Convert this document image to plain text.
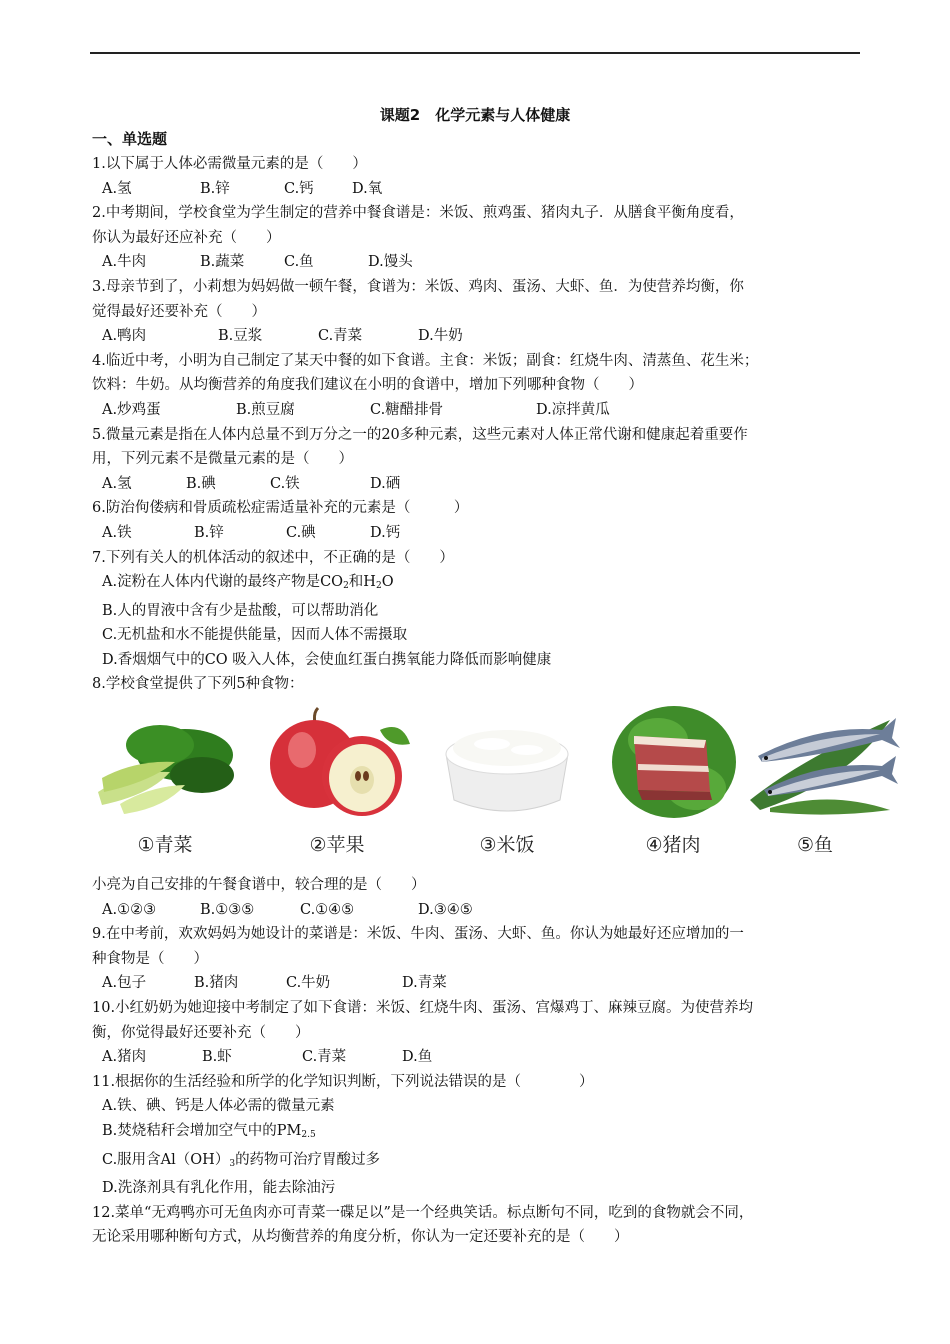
课题2　化学元素与人体健康
一、单选题
1.以下属于人体必需微量元素的是（　　）
A.氢	B.锌	C.钙	D.氧
2.中考期间，学校食堂为学生制定的营养中餐食谱是：米饭、煎鸡蛋、猪肉丸子．从膳食平衡角度看，
你认为最好还应补充（　　）
A.牛肉	B.蔬菜	C.鱼	D.馒头
3.母亲节到了，小莉想为妈妈做一顿午餐，食谱为：米饭、鸡肉、蛋汤、大虾、鱼．为使营养均衡，你
觉得最好还要补充（　　）
A.鸭肉	B.豆浆	C.青菜	D.牛奶
4.临近中考，小明为自己制定了某天中餐的如下食谱。主食：米饭；副食：红烧牛肉、清蒸鱼、花生米；
饮料：牛奶。从均衡营养的角度我们建议在小明的食谱中，增加下列哪种食物（　　）
A.炒鸡蛋	B.煎豆腐	C.糖醋排骨	D.凉拌黄瓜
5.微量元素是指在人体内总量不到万分之一的20多种元素，这些元素对人体正常代谢和健康起着重要作
用，下列元素不是微量元素的是（　　）
A.氢	B.碘	C.铁	D.硒
6.防治佝偻病和骨质疏松症需适量补充的元素是（　　　）
A.铁	B.锌	C.碘	D.钙
7.下列有关人的机体活动的叙述中，不正确的是（　　）
A.淀粉在人体内代谢的最终产物是$CO_2$和$H_2O$
B.人的胃液中含有少是盐酸，可以帮助消化
C.无机盐和水不能提供能量，因而人体不需摄取
D.香烟烟气中的CO 吸入人体，会使血红蛋白携氧能力降低而影响健康
8.学校食堂提供了下列5种食物：
①青菜	②苹果	③米饭	④猪肉	⑤鱼
小亮为自己安排的午餐食谱中，较合理的是（　　）
A.①②③	B.①③⑤	C.①④⑤	D.③④⑤
9.在中考前，欢欢妈妈为她设计的菜谱是：米饭、牛肉、蛋汤、大虾、鱼。你认为她最好还应增加的一
种食物是（　　）
A.包子	B.猪肉	C.牛奶	D.青菜
10.小红奶奶为她迎接中考制定了如下食谱：米饭、红烧牛肉、蛋汤、宫爆鸡丁、麻辣豆腐。为使营养均
衡，你觉得最好还要补充（　　）
A.猪肉	B.虾	C.青菜	D.鱼
11.根据你的生活经验和所学的化学知识判断，下列说法错误的是（　　　　）
A.铁、碘、钙是人体必需的微量元素
B.焚烧秸秆会增加空气中的$PM_{2.5}$
C.服用含$Al(OH)_3$的药物可治疗胃酸过多
D.洗涤剂具有乳化作用，能去除油污
12.菜单“无鸡鸭亦可无鱼肉亦可青菜一碟足以”是一个经典笑话。标点断句不同，吃到的食物就会不同，
无论采用哪种断句方式，从均衡营养的角度分析，你认为一定还要补充的是（　　）
